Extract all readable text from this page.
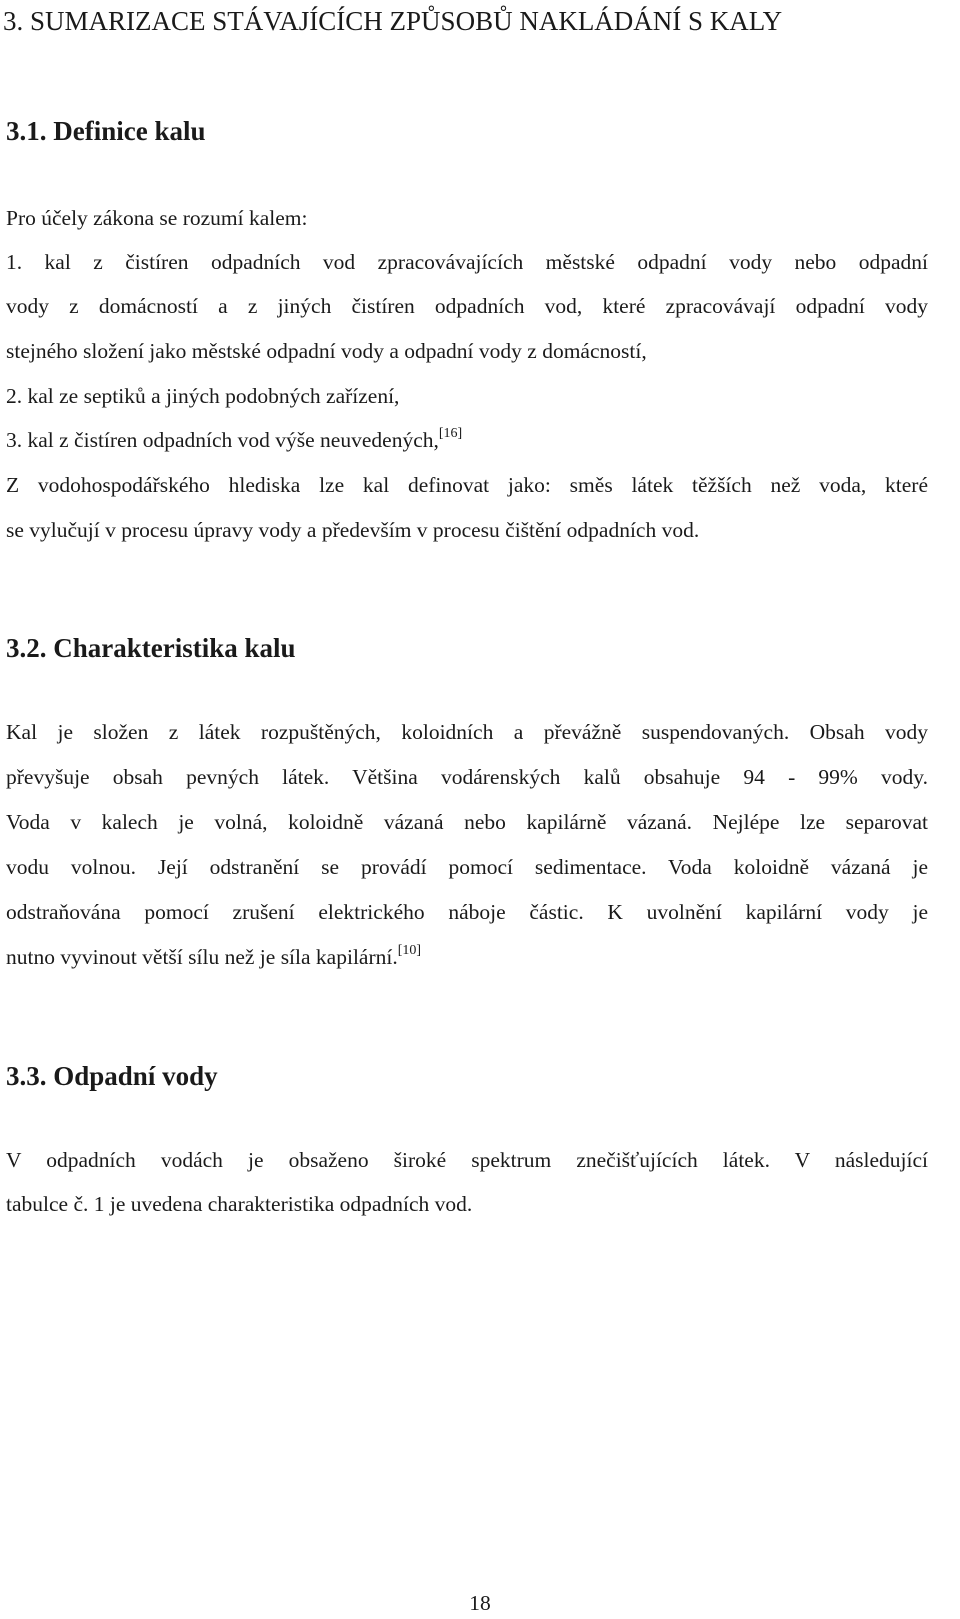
3. SUMARIZACE STÁVAJÍCÍCH ZPŮSOBŮ NAKLÁDÁNÍ S KALY
3.1. Definice kalu
Pro účely zákona se rozumí kalem:
1. kal z čistíren odpadních vod zpracovávajících městské odpadní vody nebo odpadní
vody z domácností a z jiných čistíren odpadních vod, které zpracovávají odpadní vody
stejného složení jako městské odpadní vody a odpadní vody z domácností,
2. kal ze septiků a jiných podobných zařízení,
3. kal z čistíren odpadních vod výše neuvedených,[16]
Z vodohospodářského hlediska lze kal definovat jako: směs látek těžších než voda, které
se vylučují v procesu úpravy vody a především v procesu čištění odpadních vod.
3.2. Charakteristika kalu
Kal je složen z látek rozpuštěných, koloidních a převážně suspendovaných. Obsah vody
převyšuje obsah pevných látek. Většina vodárenských kalů obsahuje 94 - 99% vody.
Voda v kalech je volná, koloidně vázaná nebo kapilárně vázaná. Nejlépe lze separovat
vodu volnou. Její odstranění se provádí pomocí sedimentace. Voda koloidně vázaná je
odstraňována pomocí zrušení elektrického náboje částic. K uvolnění kapilární vody je
nutno vyvinout větší sílu než je síla kapilární.[10]
3.3. Odpadní vody
V odpadních vodách je obsaženo široké spektrum znečišťujících látek. V následující
tabulce č. 1 je uvedena charakteristika odpadních vod.
18
